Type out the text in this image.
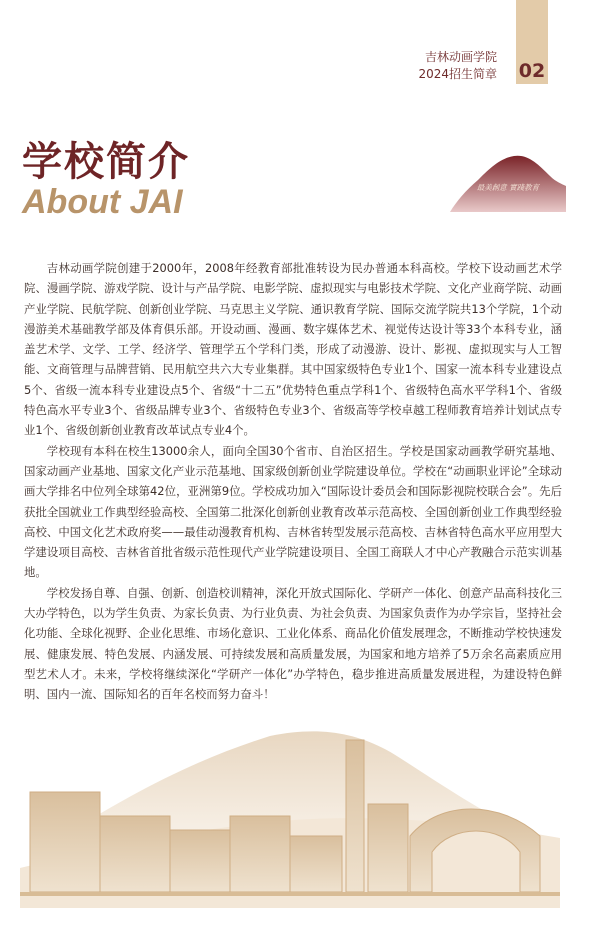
吉林动画学院
2024招生简章 02
学校简介
About JAI	最美創意 實踐教育

吉林动画学院创建于2000年，2008年经教育部批准转设为民办普通本科高校。学校下设动画艺术学院、漫画学院、游戏学院、设计与产品学院、电影学院、虚拟现实与电影技术学院、文化产业商学院、动画产业学院、民航学院、创新创业学院、马克思主义学院、通识教育学院、国际交流学院共13个学院，1个动漫游美术基础教学部及体育俱乐部。开设动画、漫画、数字媒体艺术、视觉传达设计等33个本科专业，涵盖艺术学、文学、工学、经济学、管理学五个学科门类，形成了动漫游、设计、影视、虚拟现实与人工智能、文商管理与品牌营销、民用航空共六大专业集群。其中国家级特色专业1个、国家一流本科专业建设点5个、省级一流本科专业建设点5个、省级“十二五”优势特色重点学科1个、省级特色高水平学科1个、省级特色高水平专业3个、省级品牌专业3个、省级特色专业3个、省级高等学校卓越工程师教育培养计划试点专业1个、省级创新创业教育改革试点专业4个。

学校现有本科在校生13000余人，面向全国30个省市、自治区招生。学校是国家动画教学研究基地、国家动画产业基地、国家文化产业示范基地、国家级创新创业学院建设单位。学校在“动画职业评论”全球动画大学排名中位列全球第42位，亚洲第9位。学校成功加入“国际设计委员会和国际影视院校联合会”。先后获批全国就业工作典型经验高校、全国第二批深化创新创业教育改革示范高校、全国创新创业工作典型经验高校、中国文化艺术政府奖——最佳动漫教育机构、吉林省转型发展示范高校、吉林省特色高水平应用型大学建设项目高校、吉林省首批省级示范性现代产业学院建设项目、全国工商联人才中心产教融合示范实训基地。

学校发扬自尊、自强、创新、创造校训精神，深化开放式国际化、学研产一体化、创意产品高科技化三大办学特色，以为学生负责、为家长负责、为行业负责、为社会负责、为国家负责作为办学宗旨，坚持社会化功能、全球化视野、企业化思维、市场化意识、工业化体系、商品化价值发展理念，不断推动学校快速发展、健康发展、特色发展、内涵发展、可持续发展和高质量发展，为国家和地方培养了5万余名高素质应用型艺术人才。未来，学校将继续深化“学研产一体化”办学特色，稳步推进高质量发展进程，为建设特色鲜明、国内一流、国际知名的百年名校而努力奋斗！
